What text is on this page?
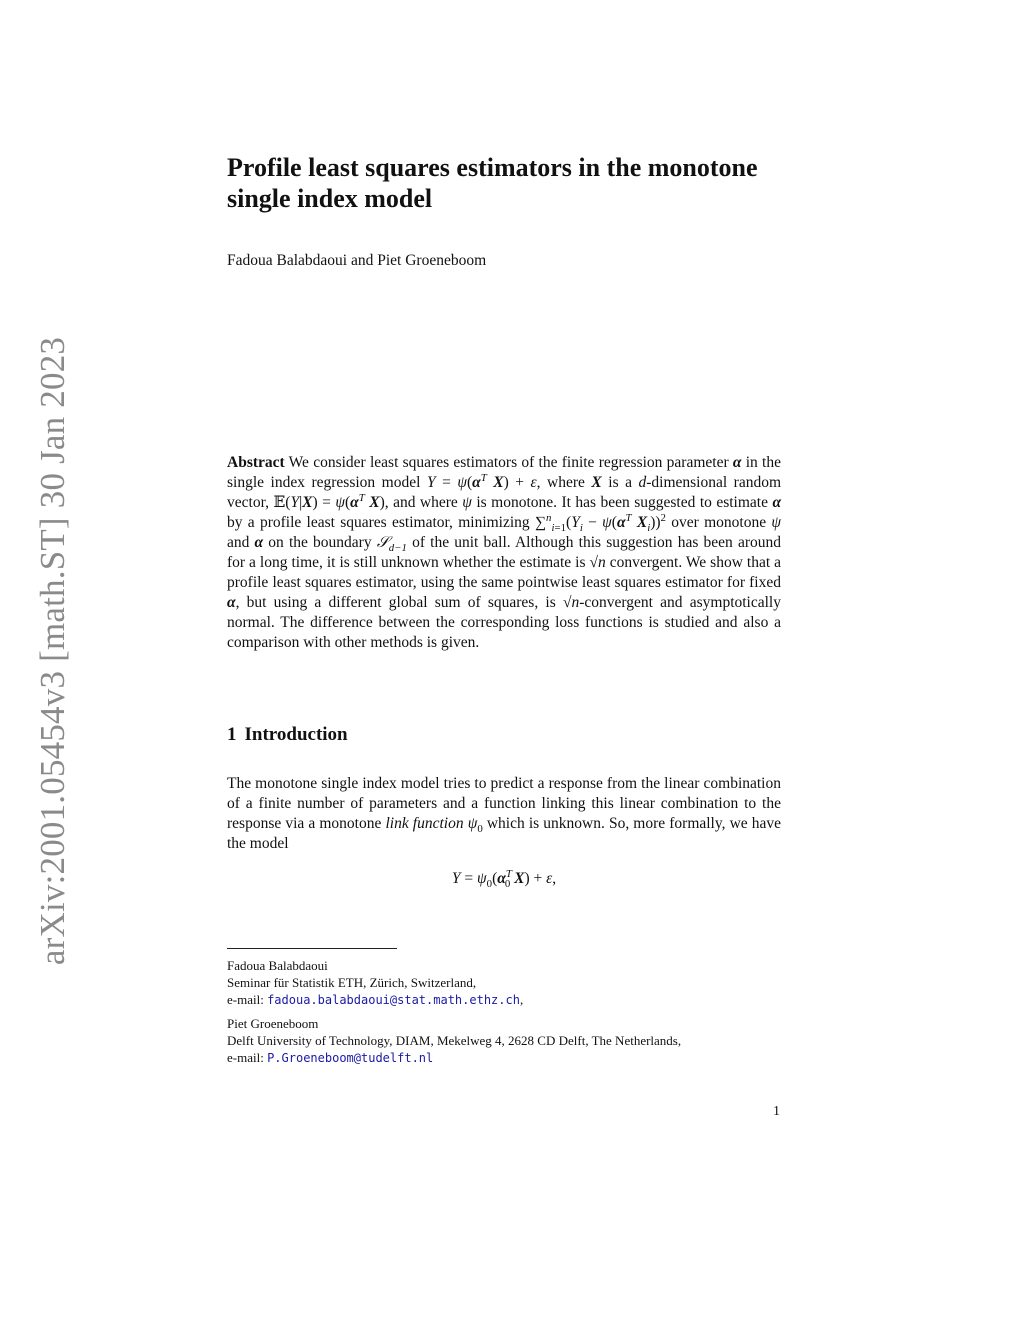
arXiv:2001.05454v3 [math.ST] 30 Jan 2023
Profile least squares estimators in the monotone single index model
Fadoua Balabdaoui and Piet Groeneboom

Abstract We consider least squares estimators of the finite regression parameter α in the single index regression model $Y = \psi(\alpha^T$ X) + ε, where X is a d-dimensional random vector, 𝔼(Y|X) = $\psi(\alpha^T$ X), and where ψ is monotone. It has been suggested to estimate α by a profile least squares estimator, minimizing $\sum^n_{i=1}(Y_i - \psi(\alpha^T$ $X_i))^2$ over monotone ψ and α on the boundary 𝒮$_{d-1}$ of the unit ball. Although this suggestion has been around for a long time, it is still unknown whether the estimate is √n convergent. We show that a profile least squares estimator, using the same pointwise least squares estimator for fixed α, but using a different global sum of squares, is √n-convergent and asymptotically normal. The difference between the corresponding loss functions is studied and also a comparison with other methods is given.

1 Introduction

The monotone single index model tries to predict a response from the linear combination of a finite number of parameters and a function linking this linear combination to the response via a monotone link function $\psi_0$ which is unknown. So, more formally, we have the model

$Y = \psi_0(\alpha^T_0$ X) + ε,
Fadoua Balabdaoui
Seminar für Statistik ETH, Zürich, Switzerland,
e-mail: fadoua.balabdaoui@stat.math.ethz.ch,
Piet Groeneboom
Delft University of Technology, DIAM, Mekelweg 4, 2628 CD Delft, The Netherlands,
e-mail: P.Groeneboom@tudelft.nl
1
